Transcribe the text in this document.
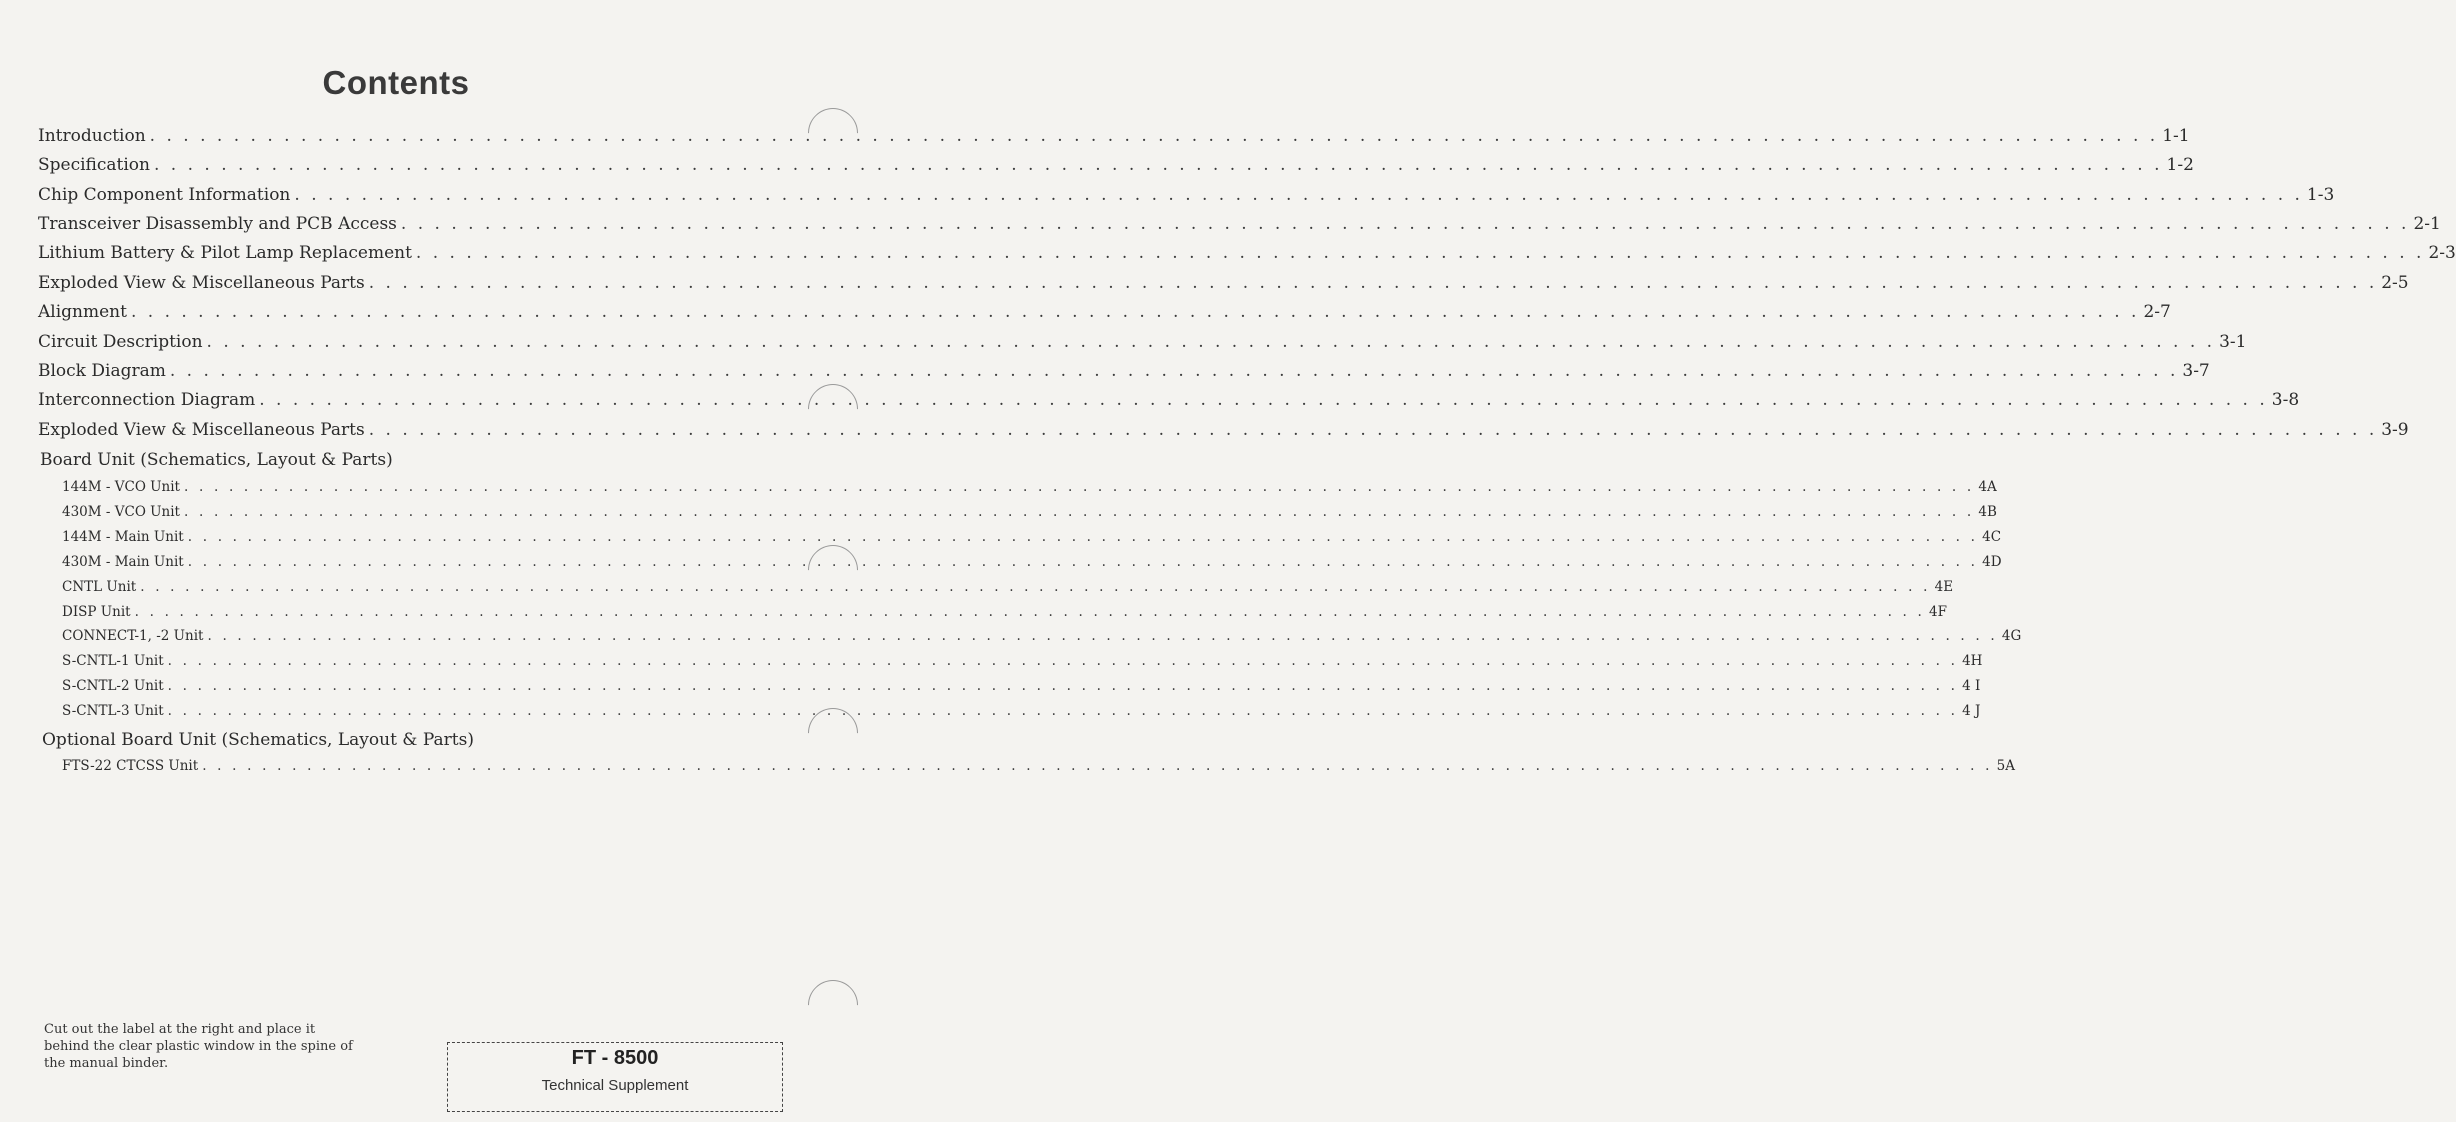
Contents
Introduction . . . . . . . . . . . . . . . . . . . . . . . . . . . . . . . . . . . . . . . . . . . . . . . . . . . . . . . . . . . . . . . . . . . . . . . . . . . . . . . . . . . . . . . . . . . . . . . . . . . . . . . . . . . . . . . . . . . . . . . . 1-1
Specification . . . . . . . . . . . . . . . . . . . . . . . . . . . . . . . . . . . . . . . . . . . . . . . . . . . . . . . . . . . . . . . . . . . . . . . . . . . . . . . . . . . . . . . . . . . . . . . . . . . . . . . . . . . . . . . . . . . . . . . . 1-2
Chip Component Information . . . . . . . . . . . . . . . . . . . . . . . . . . . . . . . . . . . . . . . . . . . . . . . . . . . . . . . . . . . . . . . . . . . . . . . . . . . . . . . . . . . . . . . . . . . . . . . . . . . . . . . . . . . . . . . . . . . . . . . . 1-3
Transceiver Disassembly and PCB Access . . . . . . . . . . . . . . . . . . . . . . . . . . . . . . . . . . . . . . . . . . . . . . . . . . . . . . . . . . . . . . . . . . . . . . . . . . . . . . . . . . . . . . . . . . . . . . . . . . . . . . . . . . . . . . . . . . . . . . . . 2-1
Lithium Battery & Pilot Lamp Replacement . . . . . . . . . . . . . . . . . . . . . . . . . . . . . . . . . . . . . . . . . . . . . . . . . . . . . . . . . . . . . . . . . . . . . . . . . . . . . . . . . . . . . . . . . . . . . . . . . . . . . . . . . . . . . . . . . . . . . . . . 2-3
Exploded View & Miscellaneous Parts . . . . . . . . . . . . . . . . . . . . . . . . . . . . . . . . . . . . . . . . . . . . . . . . . . . . . . . . . . . . . . . . . . . . . . . . . . . . . . . . . . . . . . . . . . . . . . . . . . . . . . . . . . . . . . . . . . . . . . . . 2-5
Alignment . . . . . . . . . . . . . . . . . . . . . . . . . . . . . . . . . . . . . . . . . . . . . . . . . . . . . . . . . . . . . . . . . . . . . . . . . . . . . . . . . . . . . . . . . . . . . . . . . . . . . . . . . . . . . . . . . . . . . . . . 2-7
Circuit Description . . . . . . . . . . . . . . . . . . . . . . . . . . . . . . . . . . . . . . . . . . . . . . . . . . . . . . . . . . . . . . . . . . . . . . . . . . . . . . . . . . . . . . . . . . . . . . . . . . . . . . . . . . . . . . . . . . . . . . . . 3-1
Block Diagram . . . . . . . . . . . . . . . . . . . . . . . . . . . . . . . . . . . . . . . . . . . . . . . . . . . . . . . . . . . . . . . . . . . . . . . . . . . . . . . . . . . . . . . . . . . . . . . . . . . . . . . . . . . . . . . . . . . . . . . . 3-7
Interconnection Diagram . . . . . . . . . . . . . . . . . . . . . . . . . . . . . . . . . . . . . . . . . . . . . . . . . . . . . . . . . . . . . . . . . . . . . . . . . . . . . . . . . . . . . . . . . . . . . . . . . . . . . . . . . . . . . . . . . . . . . . . . 3-8
Exploded View & Miscellaneous Parts . . . . . . . . . . . . . . . . . . . . . . . . . . . . . . . . . . . . . . . . . . . . . . . . . . . . . . . . . . . . . . . . . . . . . . . . . . . . . . . . . . . . . . . . . . . . . . . . . . . . . . . . . . . . . . . . . . . . . . . . 3-9
Board Unit (Schematics, Layout & Parts)
144M - VCO Unit . . . . . . . . . . . . . . . . . . . . . . . . . . . . . . . . . . . . . . . . . . . . . . . . . . . . . . . . . . . . . . . . . . . . . . . . . . . . . . . . . . . . . . . . . . . . . . . . . . . . . . . . . . . . . . . . . . . . . . . . 4A
430M - VCO Unit . . . . . . . . . . . . . . . . . . . . . . . . . . . . . . . . . . . . . . . . . . . . . . . . . . . . . . . . . . . . . . . . . . . . . . . . . . . . . . . . . . . . . . . . . . . . . . . . . . . . . . . . . . . . . . . . . . . . . . . . 4B
144M - Main Unit . . . . . . . . . . . . . . . . . . . . . . . . . . . . . . . . . . . . . . . . . . . . . . . . . . . . . . . . . . . . . . . . . . . . . . . . . . . . . . . . . . . . . . . . . . . . . . . . . . . . . . . . . . . . . . . . . . . . . . . . 4C
430M - Main Unit . . . . . . . . . . . . . . . . . . . . . . . . . . . . . . . . . . . . . . . . . . . . . . . . . . . . . . . . . . . . . . . . . . . . . . . . . . . . . . . . . . . . . . . . . . . . . . . . . . . . . . . . . . . . . . . . . . . . . . . . 4D
CNTL Unit . . . . . . . . . . . . . . . . . . . . . . . . . . . . . . . . . . . . . . . . . . . . . . . . . . . . . . . . . . . . . . . . . . . . . . . . . . . . . . . . . . . . . . . . . . . . . . . . . . . . . . . . . . . . . . . . . . . . . . . . 4E
DISP Unit . . . . . . . . . . . . . . . . . . . . . . . . . . . . . . . . . . . . . . . . . . . . . . . . . . . . . . . . . . . . . . . . . . . . . . . . . . . . . . . . . . . . . . . . . . . . . . . . . . . . . . . . . . . . . . . . . . . . . . . . 4F
CONNECT-1, -2 Unit . . . . . . . . . . . . . . . . . . . . . . . . . . . . . . . . . . . . . . . . . . . . . . . . . . . . . . . . . . . . . . . . . . . . . . . . . . . . . . . . . . . . . . . . . . . . . . . . . . . . . . . . . . . . . . . . . . . . . . . . 4G
S-CNTL-1 Unit . . . . . . . . . . . . . . . . . . . . . . . . . . . . . . . . . . . . . . . . . . . . . . . . . . . . . . . . . . . . . . . . . . . . . . . . . . . . . . . . . . . . . . . . . . . . . . . . . . . . . . . . . . . . . . . . . . . . . . . . 4H
S-CNTL-2 Unit . . . . . . . . . . . . . . . . . . . . . . . . . . . . . . . . . . . . . . . . . . . . . . . . . . . . . . . . . . . . . . . . . . . . . . . . . . . . . . . . . . . . . . . . . . . . . . . . . . . . . . . . . . . . . . . . . . . . . . . . 4 I
S-CNTL-3 Unit . . . . . . . . . . . . . . . . . . . . . . . . . . . . . . . . . . . . . . . . . . . . . . . . . . . . . . . . . . . . . . . . . . . . . . . . . . . . . . . . . . . . . . . . . . . . . . . . . . . . . . . . . . . . . . . . . . . . . . . . 4 J
Optional Board Unit (Schematics, Layout & Parts)
FTS-22 CTCSS Unit . . . . . . . . . . . . . . . . . . . . . . . . . . . . . . . . . . . . . . . . . . . . . . . . . . . . . . . . . . . . . . . . . . . . . . . . . . . . . . . . . . . . . . . . . . . . . . . . . . . . . . . . . . . . . . . . . . . . . . . . 5A
Cut out the label at the right and place it behind the clear plastic window in the spine of the manual binder.	FT - 8500
Technical Supplement
